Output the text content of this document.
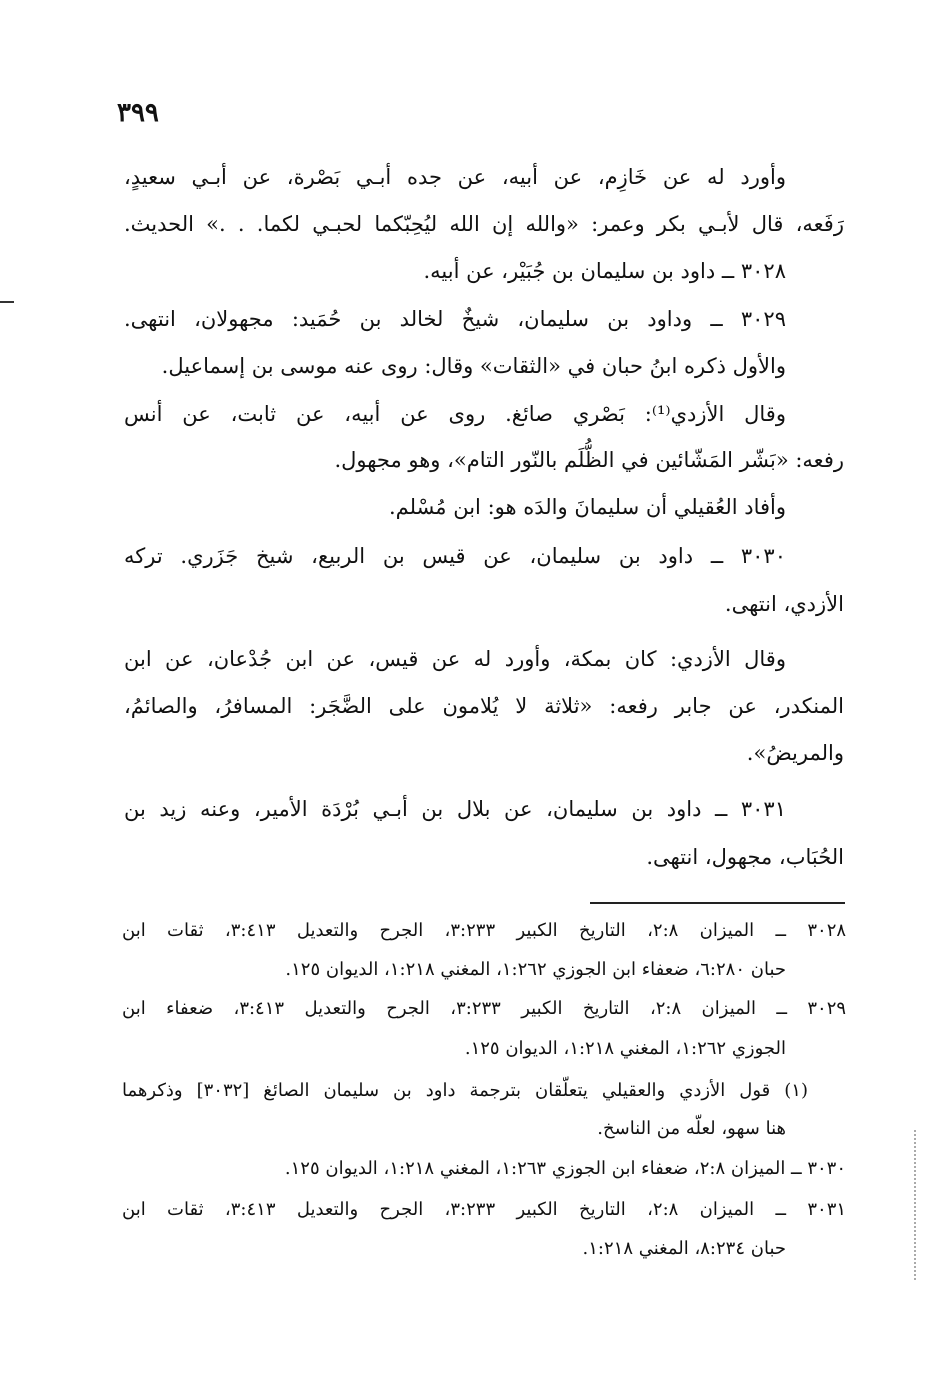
٣٩٩
وأورد له عن خَازِم، عن أبيه، عن جده أبـي بَصْرة، عن أبـي سعيدٍ،
رَفَعه، قال لأبـي بكر وعمر: «والله إن الله ليُحِبّكما لحبـي لكما. . .» الحديث.
٣٠٢٨ ــ داود بن سليمان بن جُبَيْر، عن أبيه.
٣٠٢٩ ــ وداود بن سليمان، شيخٌ لخالد بن حُمَيد: مجهولان، انتهى.
والأول ذكره ابنُ حبان في «الثقات» وقال: روى عنه موسى بن إسماعيل.
وقال الأزدي⁽¹⁾: بَصْري صائغ. روى عن أبيه، عن ثابت، عن أنس
رفعه: «بَشّر المَشّائين في الظُّلَم بالنّور التام»، وهو مجهول.
وأفاد العُقيلي أن سليمانَ والدَه هو: ابن مُسْلم.
٣٠٣٠ ــ داود بن سليمان، عن قيس بن الربيع، شيخ جَزَري. تركه
الأزدي، انتهى.
وقال الأزدي: كان بمكة، وأورد له عن قيس، عن ابن جُدْعان، عن ابن
المنكدر، عن جابر رفعه: «ثلاثة لا يُلامون على الضَّجَر: المسافرُ، والصائمُ،
والمريضُ».
٣٠٣١ ــ داود بن سليمان، عن بلال بن أبـي بُرْدَة الأمير، وعنه زيد بن
الحُبَاب، مجهول، انتهى.
٣٠٢٨ ــ الميزان ٢:٨، التاريخ الكبير ٣:٢٣٣، الجرح والتعديل ٣:٤١٣، ثقات ابن
حبان ٦:٢٨٠، ضعفاء ابن الجوزي ١:٢٦٢، المغني ١:٢١٨، الديوان ١٢٥.
٣٠٢٩ ــ الميزان ٢:٨، التاريخ الكبير ٣:٢٣٣، الجرح والتعديل ٣:٤١٣، ضعفاء ابن
الجوزي ١:٢٦٢، المغني ١:٢١٨، الديوان ١٢٥.
(١) قول الأزدي والعقيلي يتعلّقان بترجمة داود بن سليمان الصائغ [٣٠٣٢] وذكرهما
هنا سهو، لعلّه من الناسخ.
٣٠٣٠ ــ الميزان ٢:٨، ضعفاء ابن الجوزي ١:٢٦٣، المغني ١:٢١٨، الديوان ١٢٥.
٣٠٣١ ــ الميزان ٢:٨، التاريخ الكبير ٣:٢٣٣، الجرح والتعديل ٣:٤١٣، ثقات ابن
حبان ٨:٢٣٤، المغني ١:٢١٨.
